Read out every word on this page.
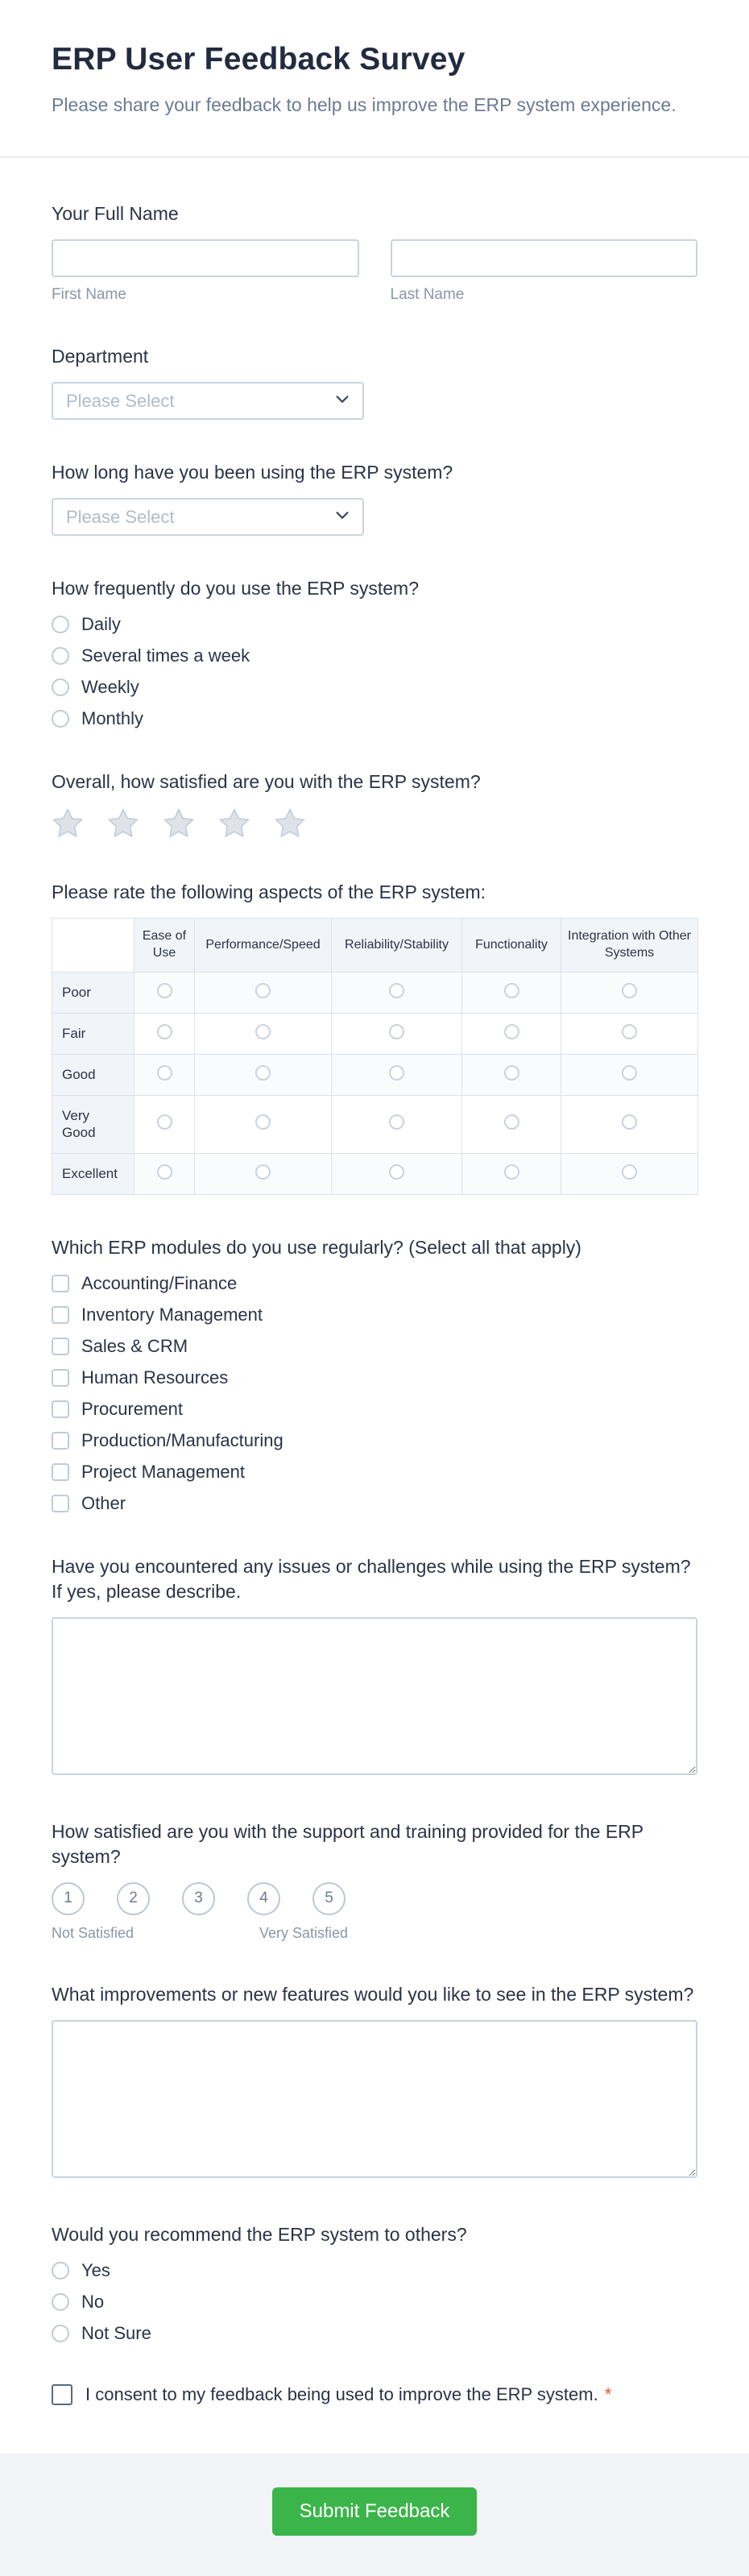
ERP User Feedback Survey

Please share your feedback to help us improve the ERP system experience.

Your Full Name
First Name	Last Name
Department
Please Select
How long have you been using the ERP system?
Please Select
How frequently do you use the ERP system?
Daily
Several times a week
Weekly
Monthly
Overall, how satisfied are you with the ERP system?
Please rate the following aspects of the ERP system:
	Ease of Use	Performance/Speed	Reliability/Stability	Functionality	Integration with Other Systems
Poor					
Fair					
Good					
Very Good					
Excellent					
Which ERP modules do you use regularly? (Select all that apply)
Accounting/Finance
Inventory Management
Sales & CRM
Human Resources
Procurement
Production/Manufacturing
Project Management
Other
Have you encountered any issues or challenges while using the ERP system? If yes, please describe.
How satisfied are you with the support and training provided for the ERP system?
1	2	3	4	5
Not Satisfied	Very Satisfied
What improvements or new features would you like to see in the ERP system?
Would you recommend the ERP system to others?
Yes
No
Not Sure
I consent to my feedback being used to improve the ERP system. *
Submit Feedback
